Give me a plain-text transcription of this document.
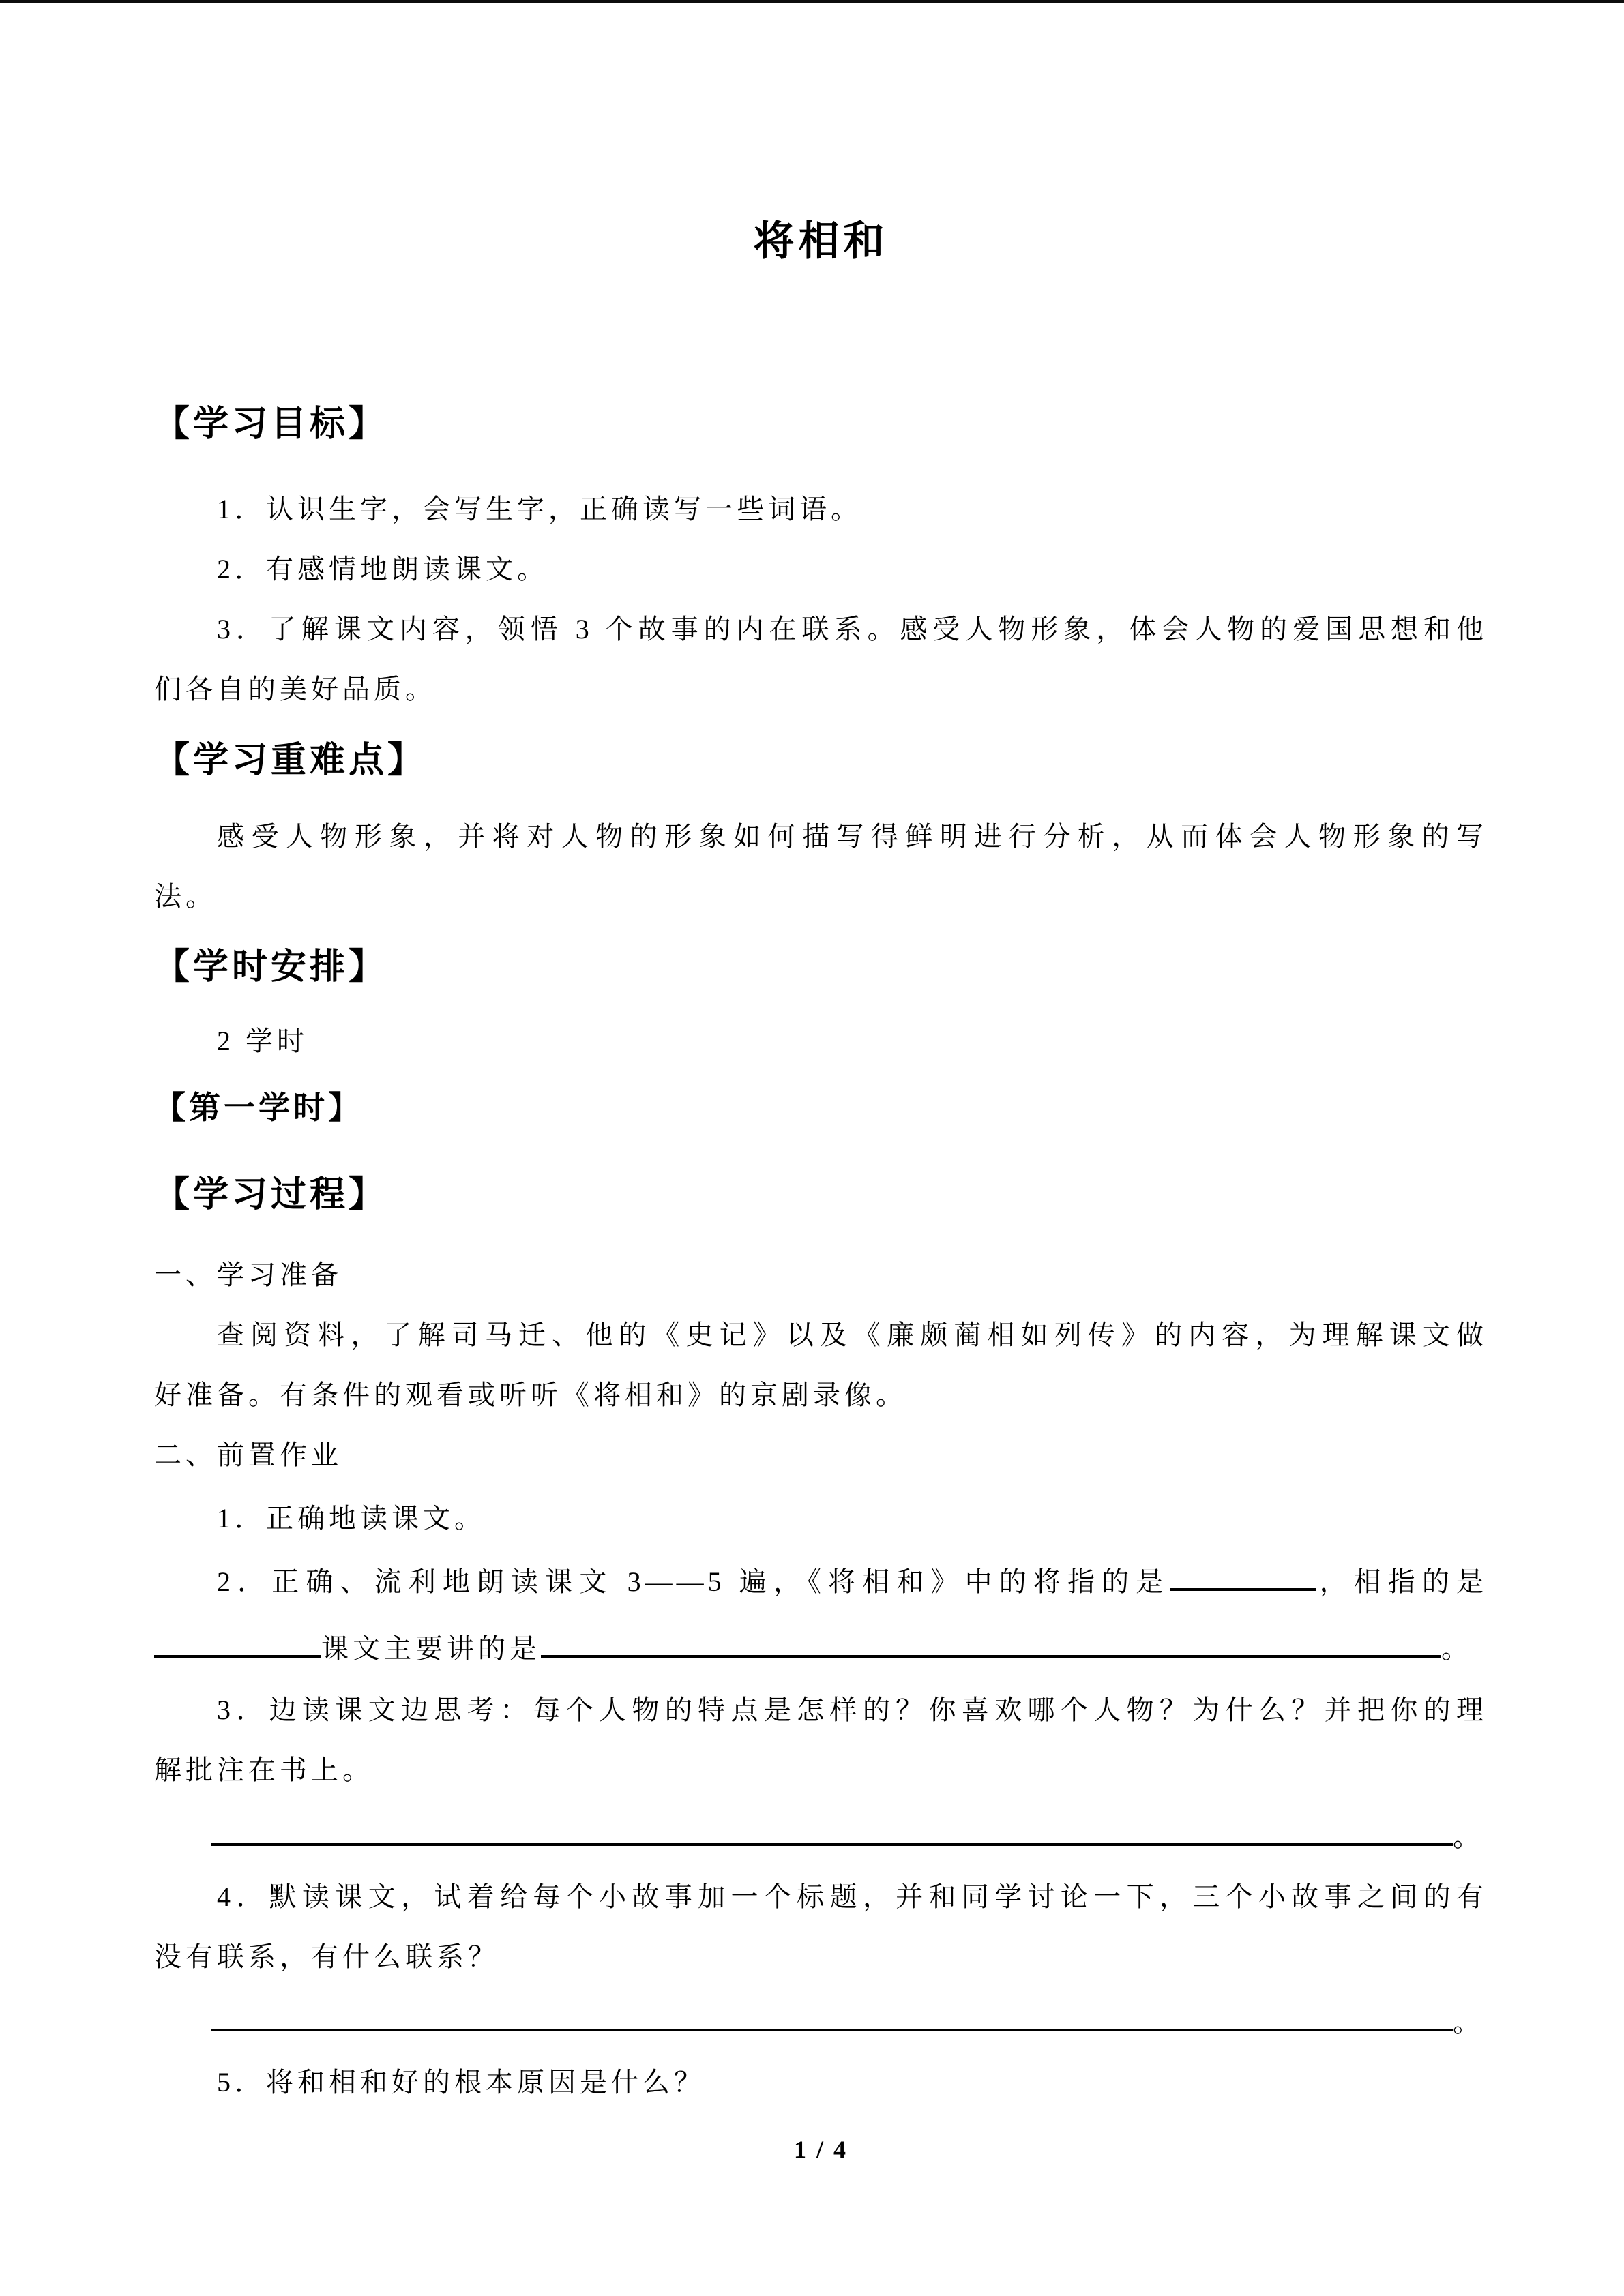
将相和
【学习目标】
1．认识生字，会写生字，正确读写一些词语。
2．有感情地朗读课文。
3．了解课文内容，领悟 3 个故事的内在联系。感受人物形象，体会人物的爱国思想和他
们各自的美好品质。
【学习重难点】
感受人物形象，并将对人物的形象如何描写得鲜明进行分析，从而体会人物形象的写
法。
【学时安排】
2 学时
【第一学时】
【学习过程】
一、学习准备
查阅资料，了解司马迁、他的《史记》以及《廉颇蔺相如列传》的内容，为理解课文做
好准备。有条件的观看或听听《将相和》的京剧录像。
二、前置作业
1．正确地读课文。
2．正确、流利地朗读课文 3——5 遍，《将相和》中的将指的是	，相指的是
课文主要讲的是	。
3．边读课文边思考：每个人物的特点是怎样的？你喜欢哪个人物？为什么？并把你的理
解批注在书上。
。
4．默读课文，试着给每个小故事加一个标题，并和同学讨论一下，三个小故事之间的有
没有联系，有什么联系？
。
5．将和相和好的根本原因是什么？
1 / 4
